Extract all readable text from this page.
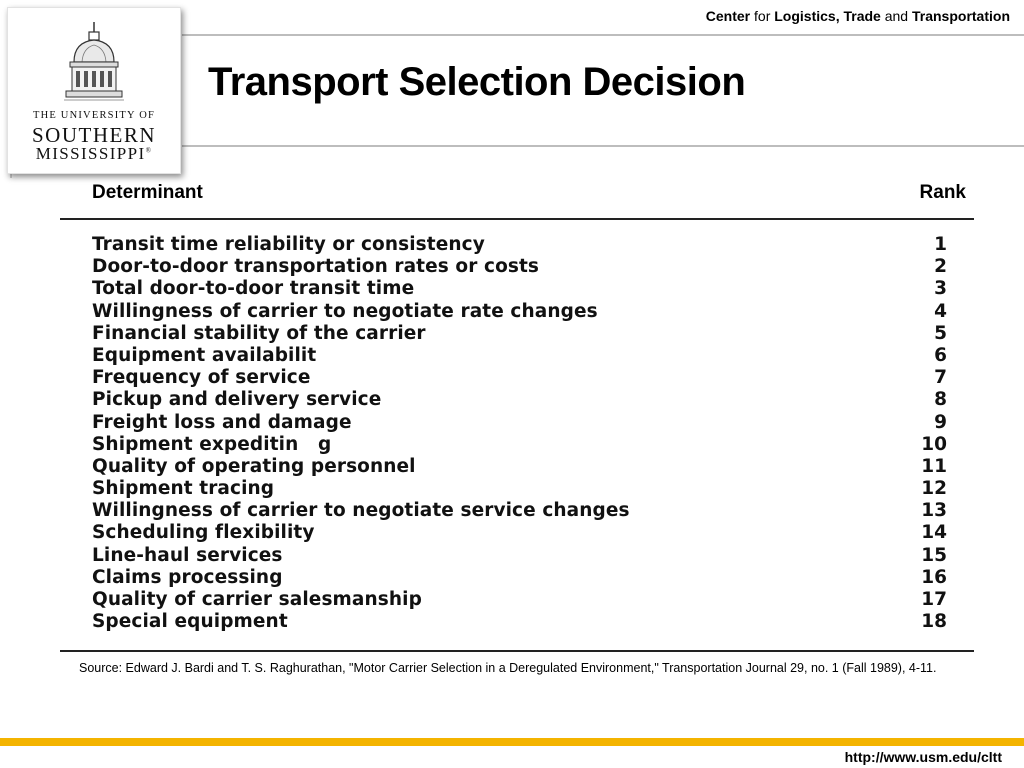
Center for Logistics, Trade and Transportation
THE UNIVERSITY OF
SOUTHERN
MISSISSIPPI®
Transport Selection Decision
Determinant	Rank
Transit time reliability or consistency	1
Door-to-door transportation rates or costs	2
Total door-to-door transit time	3
Willingness of carrier to negotiate rate changes	4
Financial stability of the carrier	5
Equipment availabilit	6
Frequency of service	7
Pickup and delivery service	8
Freight loss and damage	9
Shipment expeditin   g	10
Quality of operating personnel	11
Shipment tracing	12
Willingness of carrier to negotiate service changes	13
Scheduling flexibility	14
Line-haul services	15
Claims processing	16
Quality of carrier salesmanship	17
Special equipment	18
Source: Edward J. Bardi and T. S. Raghurathan, "Motor Carrier Selection in a Deregulated Environment," Transportation Journal 29, no. 1 (Fall 1989), 4-11.
http://www.usm.edu/cltt
